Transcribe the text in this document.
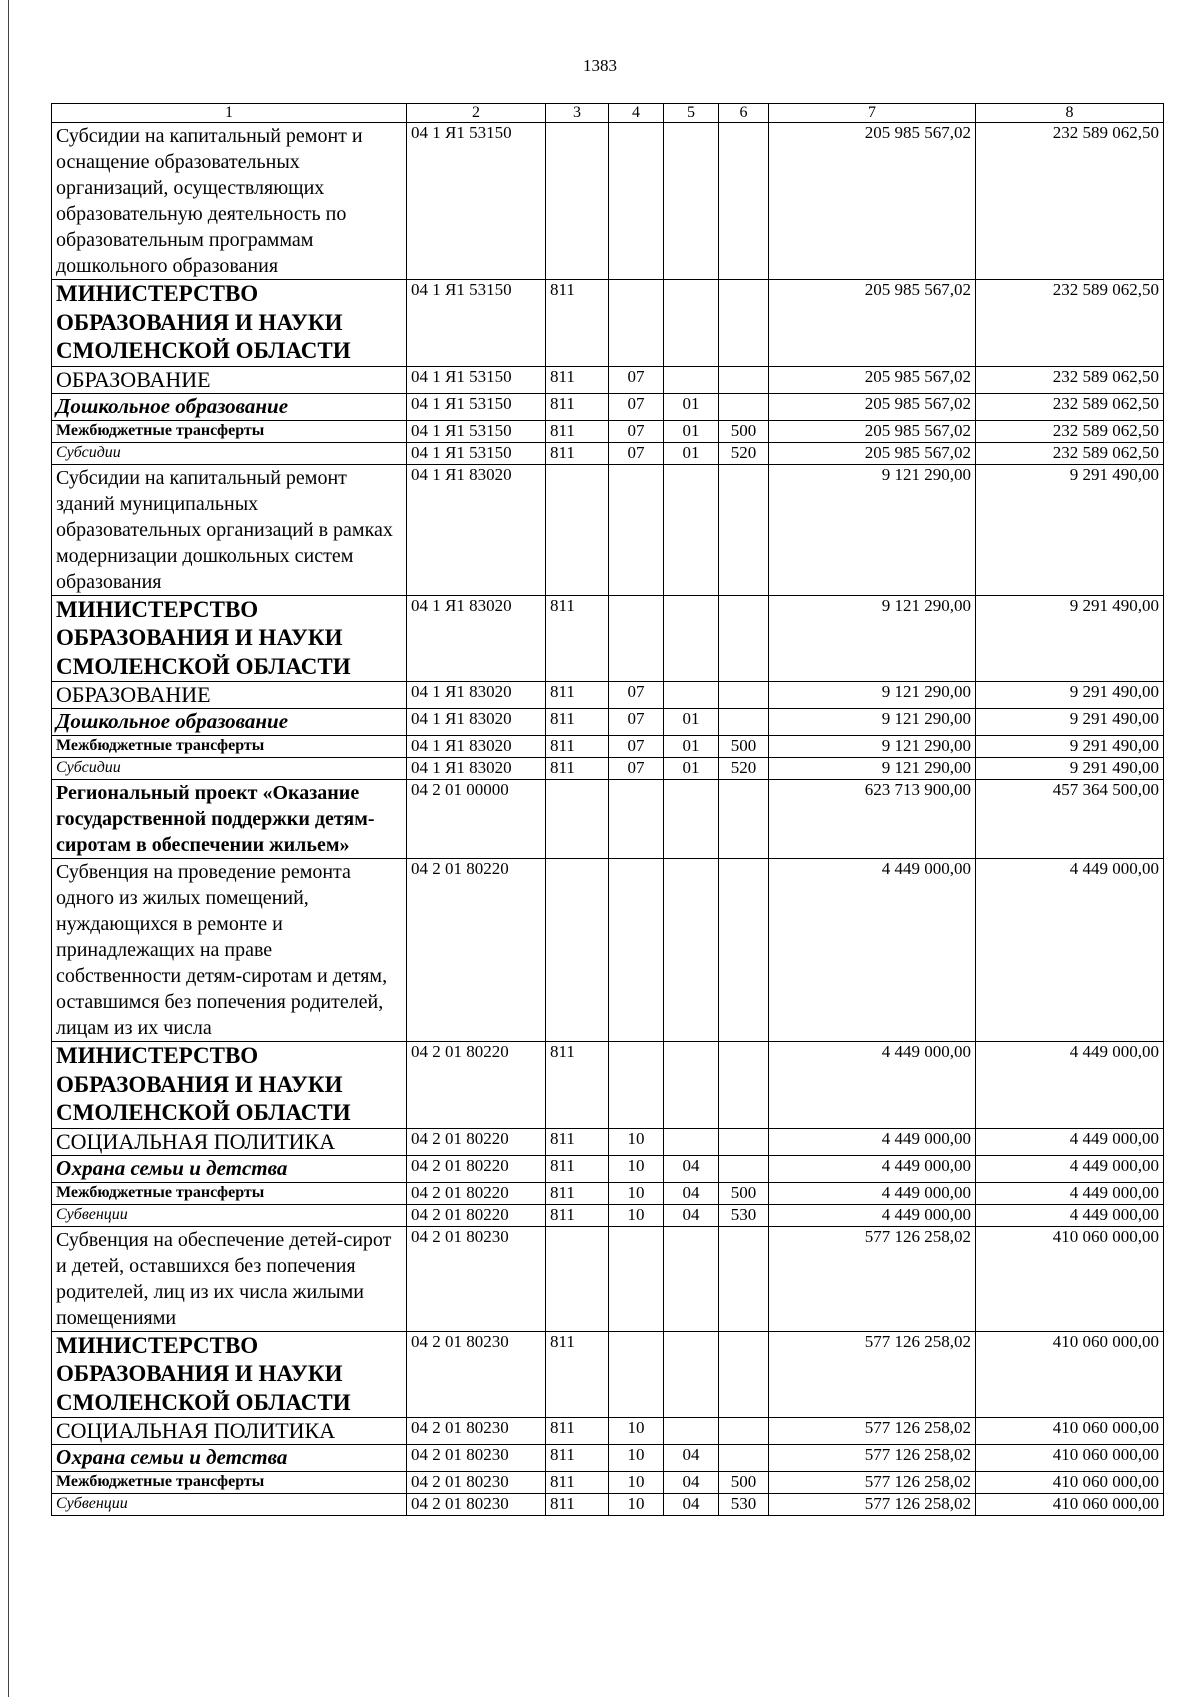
1383
1	2	3	4	5	6	7	8
Субсидии на капитальный ремонт и оснащение образовательных организаций, осуществляющих образовательную деятельность по образовательным программам дошкольного образования	04 1 Я1 53150					205 985 567,02	232 589 062,50
МИНИСТЕРСТВО ОБРАЗОВАНИЯ И НАУКИ СМОЛЕНСКОЙ ОБЛАСТИ	04 1 Я1 53150	811				205 985 567,02	232 589 062,50
ОБРАЗОВАНИЕ	04 1 Я1 53150	811	07			205 985 567,02	232 589 062,50
Дошкольное образование	04 1 Я1 53150	811	07	01		205 985 567,02	232 589 062,50
Межбюджетные трансферты	04 1 Я1 53150	811	07	01	500	205 985 567,02	232 589 062,50
Субсидии	04 1 Я1 53150	811	07	01	520	205 985 567,02	232 589 062,50
Субсидии на капитальный ремонт зданий муниципальных образовательных организаций в рамках модернизации дошкольных систем образования	04 1 Я1 83020					9 121 290,00	9 291 490,00
МИНИСТЕРСТВО ОБРАЗОВАНИЯ И НАУКИ СМОЛЕНСКОЙ ОБЛАСТИ	04 1 Я1 83020	811				9 121 290,00	9 291 490,00
ОБРАЗОВАНИЕ	04 1 Я1 83020	811	07			9 121 290,00	9 291 490,00
Дошкольное образование	04 1 Я1 83020	811	07	01		9 121 290,00	9 291 490,00
Межбюджетные трансферты	04 1 Я1 83020	811	07	01	500	9 121 290,00	9 291 490,00
Субсидии	04 1 Я1 83020	811	07	01	520	9 121 290,00	9 291 490,00
Региональный проект «Оказание государственной поддержки детям-сиротам в обеспечении жильем»	04 2 01 00000					623 713 900,00	457 364 500,00
Субвенция на проведение ремонта одного из жилых помещений, нуждающихся в ремонте и принадлежащих на праве собственности детям-сиротам и детям, оставшимся без попечения родителей, лицам из их числа	04 2 01 80220					4 449 000,00	4 449 000,00
МИНИСТЕРСТВО ОБРАЗОВАНИЯ И НАУКИ СМОЛЕНСКОЙ ОБЛАСТИ	04 2 01 80220	811				4 449 000,00	4 449 000,00
СОЦИАЛЬНАЯ ПОЛИТИКА	04 2 01 80220	811	10			4 449 000,00	4 449 000,00
Охрана семьи и детства	04 2 01 80220	811	10	04		4 449 000,00	4 449 000,00
Межбюджетные трансферты	04 2 01 80220	811	10	04	500	4 449 000,00	4 449 000,00
Субвенции	04 2 01 80220	811	10	04	530	4 449 000,00	4 449 000,00
Субвенция на обеспечение детей-сирот и детей, оставшихся без попечения родителей, лиц из их числа жилыми помещениями	04 2 01 80230					577 126 258,02	410 060 000,00
МИНИСТЕРСТВО ОБРАЗОВАНИЯ И НАУКИ СМОЛЕНСКОЙ ОБЛАСТИ	04 2 01 80230	811				577 126 258,02	410 060 000,00
СОЦИАЛЬНАЯ ПОЛИТИКА	04 2 01 80230	811	10			577 126 258,02	410 060 000,00
Охрана семьи и детства	04 2 01 80230	811	10	04		577 126 258,02	410 060 000,00
Межбюджетные трансферты	04 2 01 80230	811	10	04	500	577 126 258,02	410 060 000,00
Субвенции	04 2 01 80230	811	10	04	530	577 126 258,02	410 060 000,00
